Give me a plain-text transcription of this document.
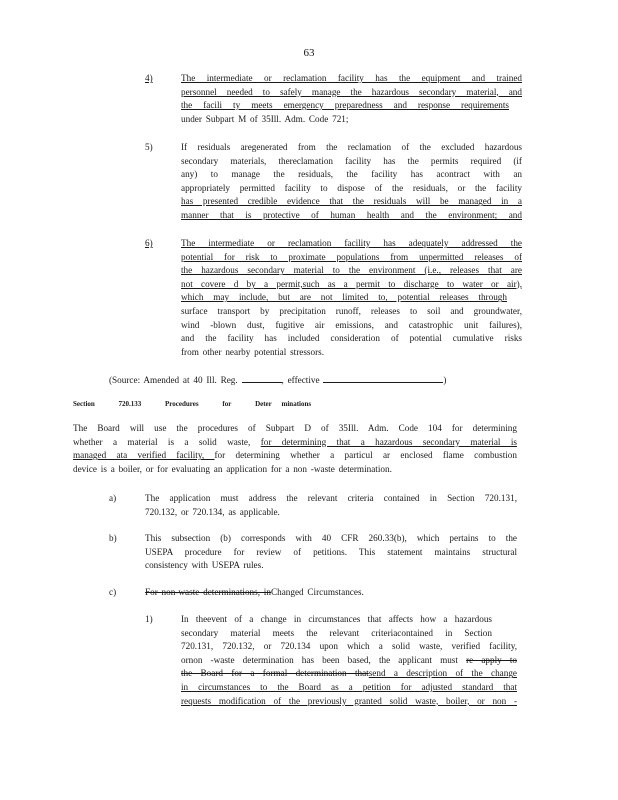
63
4)	The intermediate or reclamation facility has the equipment and trained
personnel needed to safely manage the hazardous secondary material, and
the facili ty meets emergency preparedness and response requirements
under Subpart M of 35Ill. Adm. Code 721;
5)	If residuals aregenerated from the reclamation of the excluded hazardous
secondary materials, thereclamation facility has the permits required (if
any) to manage the residuals, the facility has acontract with an
appropriately permitted facility to dispose of the residuals, or the facility
has presented credible evidence that the residuals will be managed in a
manner that is protective of human health and the environment; and
6)	The intermediate or reclamation facility has adequately addressed the
potential for risk to proximate populations from unpermitted releases of
the hazardous secondary material to the environment (i.e., releases that are
not covere d by a permit,such as a permit to discharge to water or air),
which may include, but are not limited to, potential releases through
surface transport by precipitation runoff, releases to soil and groundwater,
wind -blown dust, fugitive air emissions, and catastrophic unit failures),
and the facility has included consideration of potential cumulative risks
from other nearby potential stressors.
(Source: Amended at 40 Ill. Reg.	, effective	)
Section	720.133	Procedures	for	Deter minations
The Board will use the procedures of Subpart D of 35Ill. Adm. Code 104 for determining
whether a material is a solid waste, for determining that a hazardous secondary material is
managed ata verified facility, for determining whether a particul ar enclosed flame combustion
device is a boiler, or for evaluating an application for a non -waste determination.
a)	The application must address the relevant criteria contained in Section 720.131,
720.132, or 720.134, as applicable.
b)	This subsection (b) corresponds with 40 CFR 260.33(b), which pertains to the
USEPA procedure for review of petitions. This statement maintains structural
consistency with USEPA rules.
c)	For non-waste determinations, inChanged Circumstances.
1)	In theevent of a change in circumstances that affects how a hazardous
secondary material meets the relevant criteriacontained in Section
720.131, 720.132, or 720.134 upon which a solid waste, verified facility,
ornon -waste determination has been based, the applicant must re apply to
the Board for a formal determination thatsend a description of the change
in circumstances to the Board as a petition for adjusted standard that
requests modification of the previously granted solid waste, boiler, or non -
